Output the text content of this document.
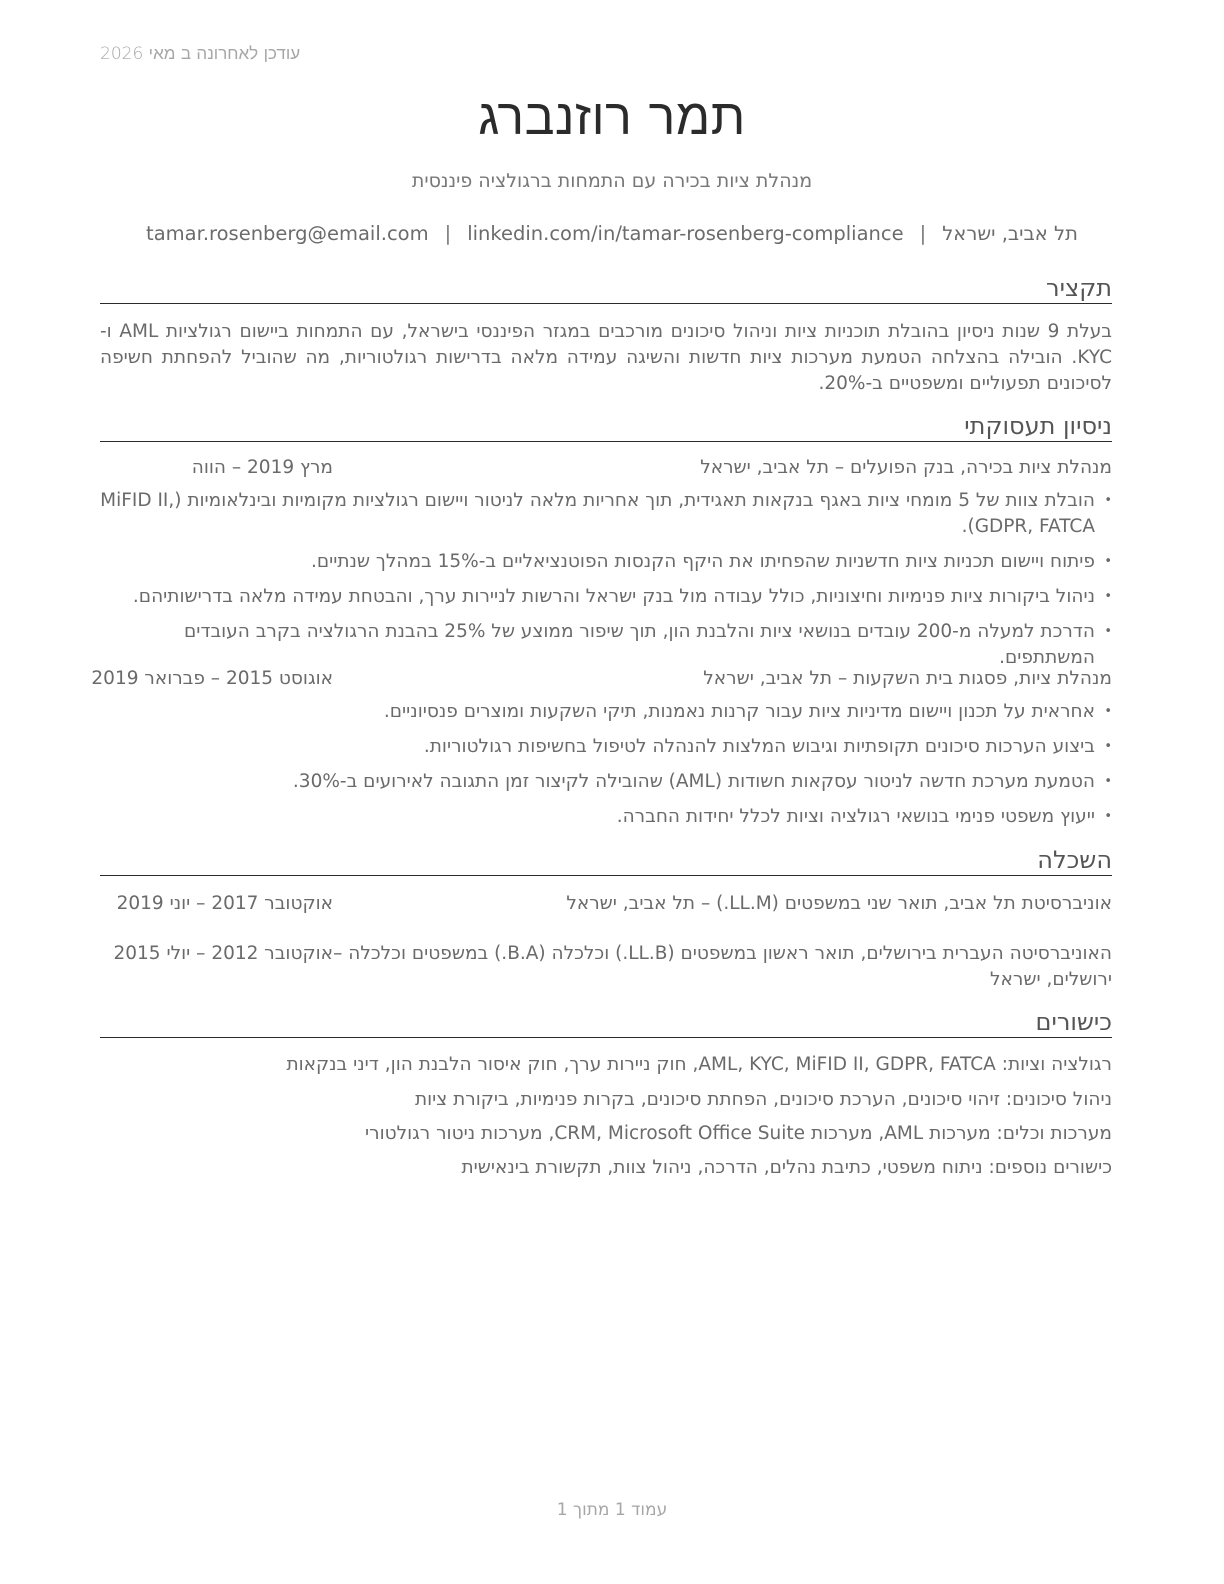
עודכן לאחרונה ב מאי 2026
תמר רוזנברג
מנהלת ציות בכירה עם התמחות ברגולציה פיננסית
תל אביב, ישראל|tamar.rosenberg@email.com | linkedin.com/in/tamar-rosenberg-compliance
תקציר
בעלת 9 שנות ניסיון בהובלת תוכניות ציות וניהול סיכונים מורכבים במגזר הפיננסי בישראל, עם התמחות ביישום רגולציות AML ו-KYC. הובילה בהצלחה הטמעת מערכות ציות חדשות והשיגה עמידה מלאה בדרישות רגולטוריות, מה שהוביל להפחתת חשיפה לסיכונים תפעוליים ומשפטיים ב-20%.
ניסיון תעסוקתי
מנהלת ציות בכירה, בנק הפועלים – תל אביב, ישראל
מרץ 2019 – הווה
• הובלת צוות של 5 מומחי ציות באגף בנקאות תאגידית, תוך אחריות מלאה לניטור ויישום רגולציות מקומיות ובינלאומיות (MiFID II, GDPR, FATCA).
• פיתוח ויישום תכניות ציות חדשניות שהפחיתו את היקף הקנסות הפוטנציאליים ב-15% במהלך שנתיים.
• ניהול ביקורות ציות פנימיות וחיצוניות, כולל עבודה מול בנק ישראל והרשות לניירות ערך, והבטחת עמידה מלאה בדרישותיהם.
• הדרכת למעלה מ-200 עובדים בנושאי ציות והלבנת הון, תוך שיפור ממוצע של 25% בהבנת הרגולציה בקרב העובדים המשתתפים.
מנהלת ציות, פסגות בית השקעות – תל אביב, ישראל
אוגוסט 2015 – פברואר 2019
• אחראית על תכנון ויישום מדיניות ציות עבור קרנות נאמנות, תיקי השקעות ומוצרים פנסיוניים.
• ביצוע הערכות סיכונים תקופתיות וגיבוש המלצות להנהלה לטיפול בחשיפות רגולטוריות.
• הטמעת מערכת חדשה לניטור עסקאות חשודות (AML) שהובילה לקיצור זמן התגובה לאירועים ב-30%.
• ייעוץ משפטי פנימי בנושאי רגולציה וציות לכלל יחידות החברה.
השכלה
אוניברסיטת תל אביב, תואר שני במשפטים (LL.M.) – תל אביב, ישראל
אוקטובר 2017 – יוני 2019
האוניברסיטה העברית בירושלים, תואר ראשון במשפטים (LL.B.) וכלכלה (B.A.) במשפטים וכלכלה – ירושלים, ישראל
אוקטובר 2012 – יולי 2015
כישורים
רגולציה וציות: AML, KYC, MiFID II, GDPR, FATCA, חוק ניירות ערך, חוק איסור הלבנת הון, דיני בנקאות
ניהול סיכונים: זיהוי סיכונים, הערכת סיכונים, הפחתת סיכונים, בקרות פנימיות, ביקורת ציות
מערכות וכלים: מערכות AML, מערכות CRM, Microsoft Office Suite, מערכות ניטור רגולטורי
כישורים נוספים: ניתוח משפטי, כתיבת נהלים, הדרכה, ניהול צוות, תקשורת בינאישית
עמוד 1 מתוך 1
